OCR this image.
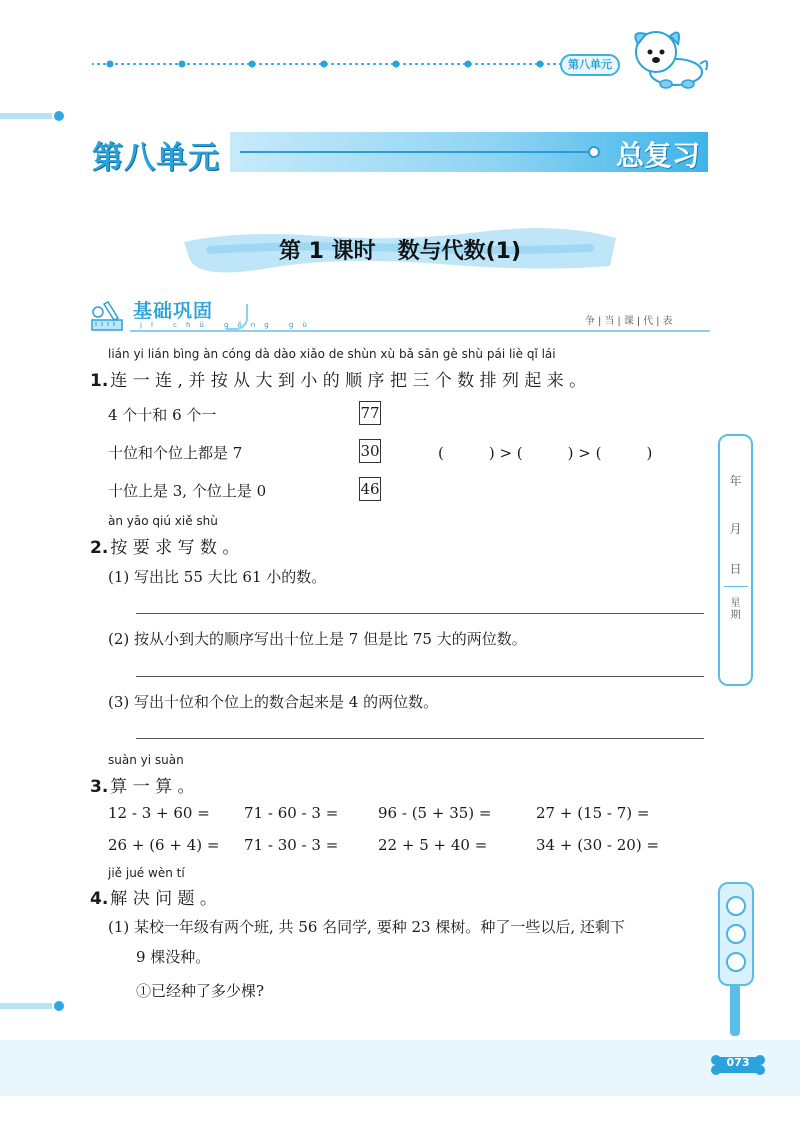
第八单元
第八单元	总复习
第 1 课时　数与代数(1)
基础巩固
jī chǔ gǒng gù	争|当|课|代|表
lián yi lián bìng àn cóng dà dào xiǎo de shùn xù bǎ sān gè shù pái liè qǐ lái
1. 连 一 连 , 并 按 从 大 到 小 的 顺 序 把 三 个 数 排 列 起 来 。
4 个十和 6 个一	77
十位和个位上都是 7	30
十位上是 3, 个位上是 0	46
(　　　) > (　　　) > (　　　)
àn yāo qiú xiě shù
2. 按 要 求 写 数 。
(1) 写出比 55 大比 61 小的数。
(2) 按从小到大的顺序写出十位上是 7 但是比 75 大的两位数。
(3) 写出十位和个位上的数合起来是 4 的两位数。
suàn yi suàn
3. 算 一 算 。
12 - 3 + 60 = 71 - 60 - 3 =	96 - (5 + 35) =	27 + (15 - 7) =
26 + (6 + 4) = 71 - 30 - 3 =	22 + 5 + 40 =	34 + (30 - 20) =
jiě jué wèn tí
4. 解 决 问 题 。
(1) 某校一年级有两个班, 共 56 名同学, 要种 23 棵树。种了一些以后, 还剩下
9 棵没种。
①已经种了多少棵?
年
月
日
星
期
073
